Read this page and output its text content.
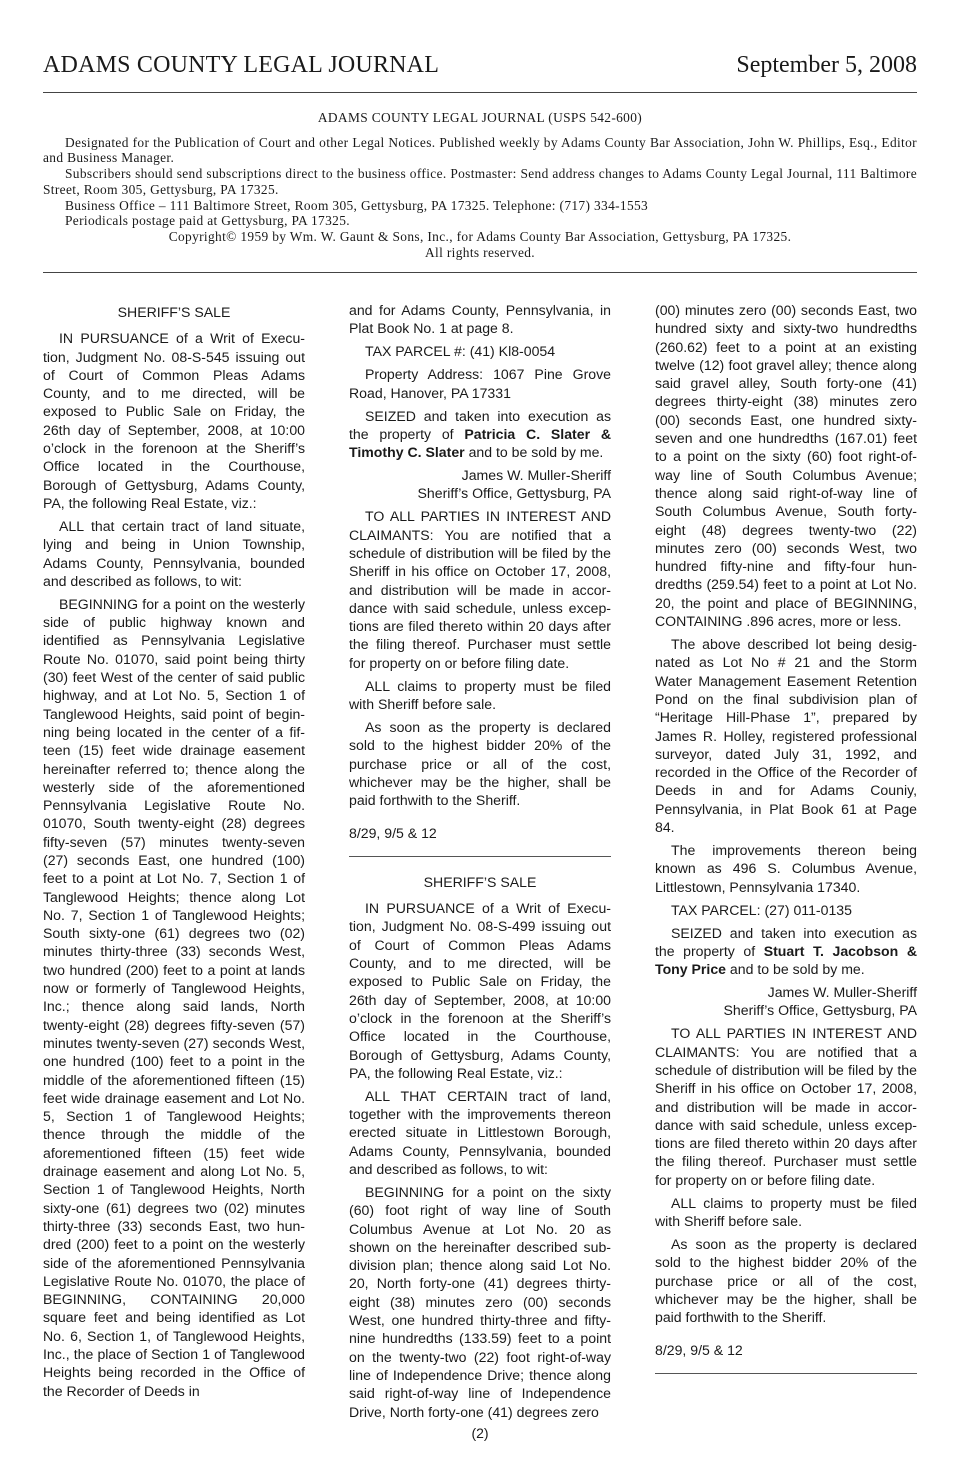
ADAMS COUNTY LEGAL JOURNAL	September 5, 2008

ADAMS COUNTY LEGAL JOURNAL (USPS 542-600)

Designated for the Publication of Court and other Legal Notices. Published weekly by Adams County Bar Association, John W. Phillips, Esq., Editor and Business Manager.

Subscribers should send subscriptions direct to the business office. Postmaster: Send address changes to Adams County Legal Journal, 111 Baltimore Street, Room 305, Gettysburg, PA 17325.

Business Office – 111 Baltimore Street, Room 305, Gettysburg, PA 17325. Telephone: (717) 334-1553

Periodicals postage paid at Gettysburg, PA 17325.

Copyright© 1959 by Wm. W. Gaunt & Sons, Inc., for Adams County Bar Association, Gettysburg, PA 17325.

All rights reserved.

SHERIFF’S SALE

IN PURSUANCE of a Writ of Execution, Judgment No. 08-S-545 issuing out of Court of Common Pleas Adams County, and to me directed, will be exposed to Public Sale on Friday, the 26th day of September, 2008, at 10:00 o’clock in the forenoon at the Sheriff’s Office located in the Courthouse, Borough of Gettysburg, Adams County, PA, the following Real Estate, viz.:

ALL that certain tract of land situate, lying and being in Union Township, Adams County, Pennsylvania, bounded and described as follows, to wit:

BEGINNING for a point on the westerly side of public highway known and identified as Pennsylvania Legislative Route No. 01070, said point being thirty (30) feet West of the center of said public highway, and at Lot No. 5, Section 1 of Tanglewood Heights, said point of beginning being located in the center of a fifteen (15) feet wide drainage easement hereinafter referred to; thence along the westerly side of the aforementioned Pennsylvania Legislative Route No. 01070, South twenty-eight (28) degrees fifty-seven (57) minutes twenty-seven (27) seconds East, one hundred (100) feet to a point at Lot No. 7, Section 1 of Tanglewood Heights; thence along Lot No. 7, Section 1 of Tanglewood Heights; South sixty-one (61) degrees two (02) minutes thirty-three (33) seconds West, two hundred (200) feet to a point at lands now or formerly of Tanglewood Heights, Inc.; thence along said lands, North twenty-eight (28) degrees fifty-seven (57) minutes twenty-seven (27) seconds West, one hundred (100) feet to a point in the middle of the aforementioned fifteen (15) feet wide drainage easement and Lot No. 5, Section 1 of Tanglewood Heights; thence through the middle of the aforementioned fifteen (15) feet wide drainage easement and along Lot No. 5, Section 1 of Tanglewood Heights, North sixty-one (61) degrees two (02) minutes thirty-three (33) seconds East, two hundred (200) feet to a point on the westerly side of the aforementioned Pennsylvania Legislative Route No. 01070, the place of BEGINNING, CONTAINING 20,000 square feet and being identified as Lot No. 6, Section 1, of Tanglewood Heights, Inc., the place of Section 1 of Tanglewood Heights being recorded in the Office of the Recorder of Deeds in

and for Adams County, Pennsylvania, in Plat Book No. 1 at page 8.

TAX PARCEL #: (41) Kl8-0054

Property Address: 1067 Pine Grove Road, Hanover, PA 17331

SEIZED and taken into execution as the property of Patricia C. Slater & Timothy C. Slater and to be sold by me.

James W. Muller-Sheriff

Sheriff’s Office, Gettysburg, PA

TO ALL PARTIES IN INTEREST AND CLAIMANTS: You are notified that a schedule of distribution will be filed by the Sheriff in his office on October 17, 2008, and distribution will be made in accordance with said schedule, unless exceptions are filed thereto within 20 days after the filing thereof. Purchaser must settle for property on or before filing date.

ALL claims to property must be filed with Sheriff before sale.

As soon as the property is declared sold to the highest bidder 20% of the purchase price or all of the cost, whichever may be the higher, shall be paid forthwith to the Sheriff.

8/29, 9/5 & 12

SHERIFF’S SALE

IN PURSUANCE of a Writ of Execution, Judgment No. 08-S-499 issuing out of Court of Common Pleas Adams County, and to me directed, will be exposed to Public Sale on Friday, the 26th day of September, 2008, at 10:00 o’clock in the forenoon at the Sheriff’s Office located in the Courthouse, Borough of Gettysburg, Adams County, PA, the following Real Estate, viz.:

ALL THAT CERTAIN tract of land, together with the improvements thereon erected situate in Littlestown Borough, Adams County, Pennsylvania, bounded and described as follows, to wit:

BEGINNING for a point on the sixty (60) foot right of way line of South Columbus Avenue at Lot No. 20 as shown on the hereinafter described subdivision plan; thence along said Lot No. 20, North forty-one (41) degrees thirty-eight (38) minutes zero (00) seconds West, one hundred thirty-three and fifty-nine hundredths (133.59) feet to a point on the twenty-two (22) foot right-of-way line of Independence Drive; thence along said right-of-way line of Independence Drive, North forty-one (41) degrees zero

(00) minutes zero (00) seconds East, two hundred sixty and sixty-two hundredths (260.62) feet to a point at an existing twelve (12) foot gravel alley; thence along said gravel alley, South forty-one (41) degrees thirty-eight (38) minutes zero (00) seconds East, one hundred sixty-seven and one hundredths (167.01) feet to a point on the sixty (60) foot right-of-way line of South Columbus Avenue; thence along said right-of-way line of South Columbus Avenue, South forty-eight (48) degrees twenty-two (22) minutes zero (00) seconds West, two hundred fifty-nine and fifty-four hundredths (259.54) feet to a point at Lot No. 20, the point and place of BEGINNING, CONTAINING .896 acres, more or less.

The above described lot being designated as Lot No # 21 and the Storm Water Management Easement Retention Pond on the final subdivision plan of “Heritage Hill-Phase 1”, prepared by James R. Holley, registered professional surveyor, dated July 31, 1992, and recorded in the Office of the Recorder of Deeds in and for Adams Couniy, Pennsylvania, in Plat Book 61 at Page 84.

The improvements thereon being known as 496 S. Columbus Avenue, Littlestown, Pennsylvania 17340.

TAX PARCEL: (27) 011-0135

SEIZED and taken into execution as the property of Stuart T. Jacobson & Tony Price and to be sold by me.

James W. Muller-Sheriff

Sheriff’s Office, Gettysburg, PA

TO ALL PARTIES IN INTEREST AND CLAIMANTS: You are notified that a schedule of distribution will be filed by the Sheriff in his office on October 17, 2008, and distribution will be made in accordance with said schedule, unless exceptions are filed thereto within 20 days after the filing thereof. Purchaser must settle for property on or before filing date.

ALL claims to property must be filed with Sheriff before sale.

As soon as the property is declared sold to the highest bidder 20% of the purchase price or all of the cost, whichever may be the higher, shall be paid forthwith to the Sheriff.

8/29, 9/5 & 12

(2)
